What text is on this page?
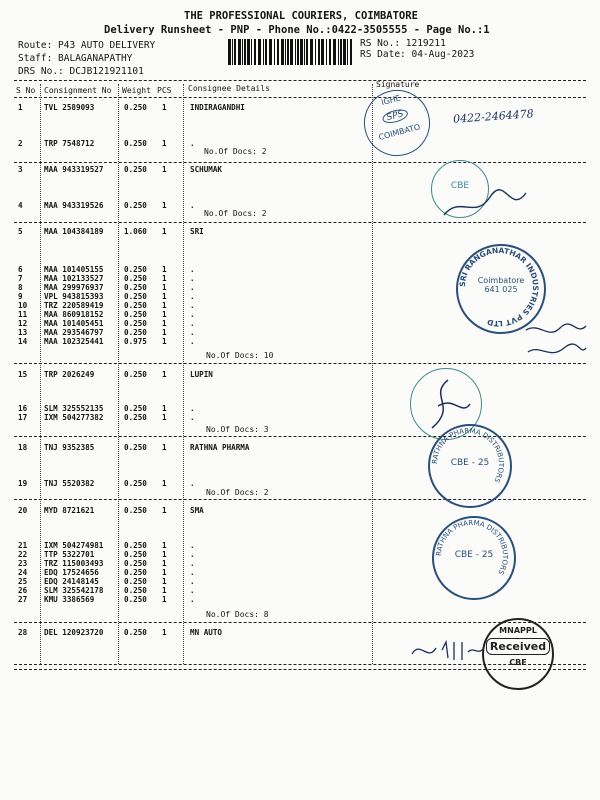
THE PROFESSIONAL COURIERS, COIMBATORE
Delivery Runsheet - PNP - Phone No.:0422-3505555 - Page No.:1
Route: P43 AUTO DELIVERY
Staff: BALAGANAPATHY
DRS No.: DCJB121921101
RS No.: 1219211
RS Date: 04-Aug-2023
S No Consignment No Weight PCS Consignee Details	Signature
1	TVL 2589093	0.250 1	INDIRAGANDHI
2	TRP 7548712	0.250 1	.
3	MAA 943319527	0.250 1	SCHUMAK
4	MAA 943319526	0.250 1	.
5	MAA 104384189	1.060 1	SRI
6	MAA 101405155	0.250 1	.
7	MAA 102133527	0.250 1	.
8	MAA 299976937	0.250 1	.
9	VPL 943815393	0.250 1	.
10 TRZ 220589419	0.250 1	.
11 MAA 860918152	0.250 1	.
12 MAA 101405451	0.250 1	.
13 MAA 293546797	0.250 1	.
14 MAA 102325441	0.975 1	.
15 TRP 2026249	0.250 1	LUPIN
16 SLM 325552135	0.250 1	.
17 IXM 504277382	0.250 1	.
18 TNJ 9352385	0.250 1	RATHNA PHARMA
19 TNJ 5520382	0.250 1	.
20 MYD 8721621	0.250 1	SMA
21 IXM 504274981	0.250 1	.
22 TTP 5322701	0.250 1	.
23 TRZ 115003493	0.250 1	.
24 EDQ 17524656	0.250 1	.
25 EDQ 24148145	0.250 1	.
26 SLM 325542178	0.250 1	.
27 KMU 3386569	0.250 1	.
28 DEL 120923720	0.250 1	MN AUTO
No.Of Docs: 2
No.Of Docs: 2
No.Of Docs: 10
No.Of Docs: 3
No.Of Docs: 2
No.Of Docs: 8
IGHE
SPS
COIMBATO
0422-2464478
CBE
Coimbatore
641 025
SRI RANGANATHAR INDUSTRIES PVT LTD
CBE - 25
RATHNA PHARMA DISTRIBUTORS
CBE - 25
RATHNA PHARMA DISTRIBUTORS
MNAPPL
Received
CBE
